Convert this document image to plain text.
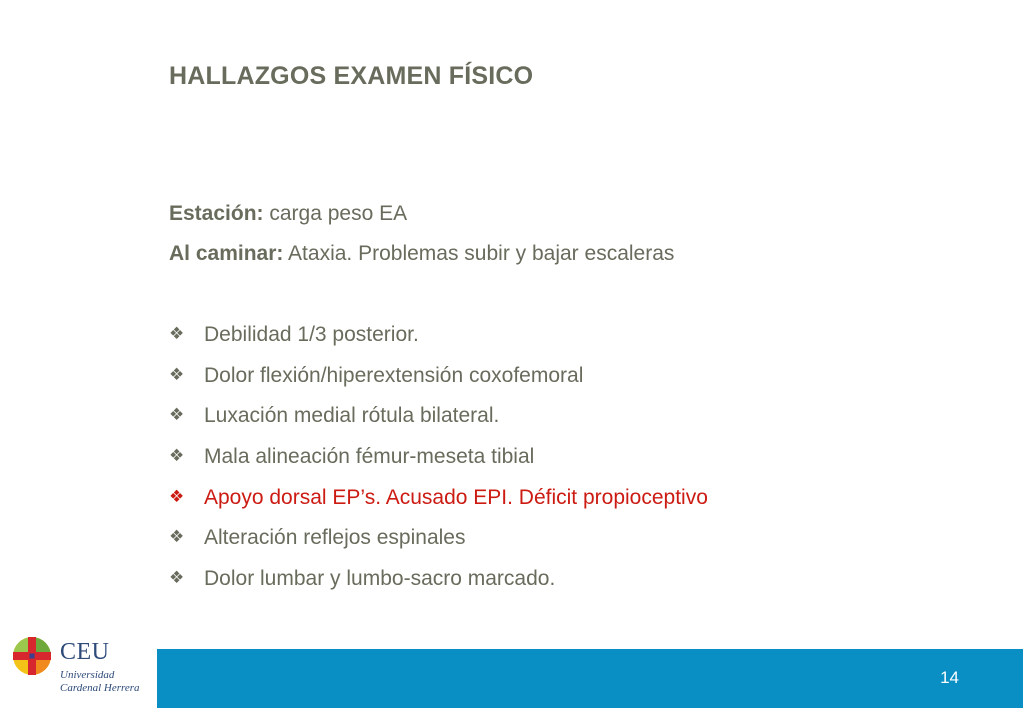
HALLAZGOS EXAMEN FÍSICO
Estación: carga peso EA
Al caminar: Ataxia. Problemas subir y bajar escaleras
❖ Debilidad 1/3 posterior.
❖ Dolor flexión/hiperextensión coxofemoral
❖ Luxación medial rótula bilateral.
❖ Mala alineación fémur-meseta tibial
❖ Apoyo dorsal EP’s. Acusado EPI. Déficit propioceptivo
❖ Alteración reflejos espinales
❖ Dolor lumbar y lumbo-sacro marcado.
CEU
Universidad
Cardenal Herrera
14
